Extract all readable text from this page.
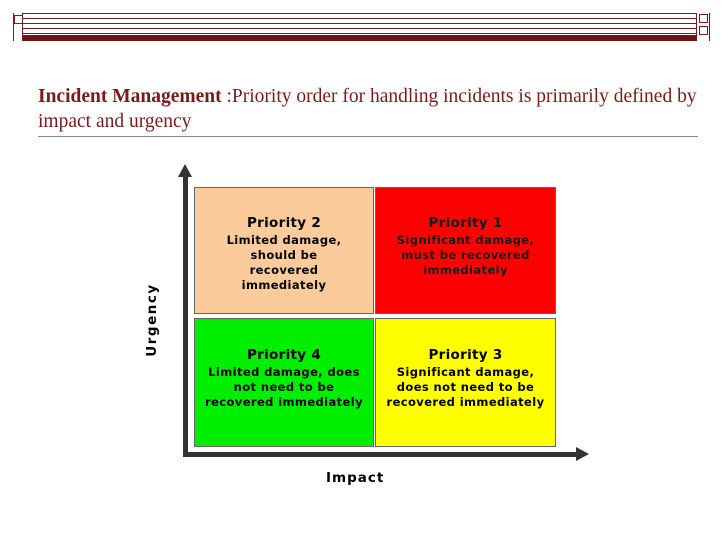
Incident Management :Priority order for handling incidents is primarily defined by impact and urgency
Priority 2
Limited damage, should be recovered immediately
Priority 1
Significant damage, must be recovered immediately
Priority 4
Limited damage, does not need to be recovered immediately
Priority 3
Significant damage, does not need to be recovered immediately
Urgency
Impact
